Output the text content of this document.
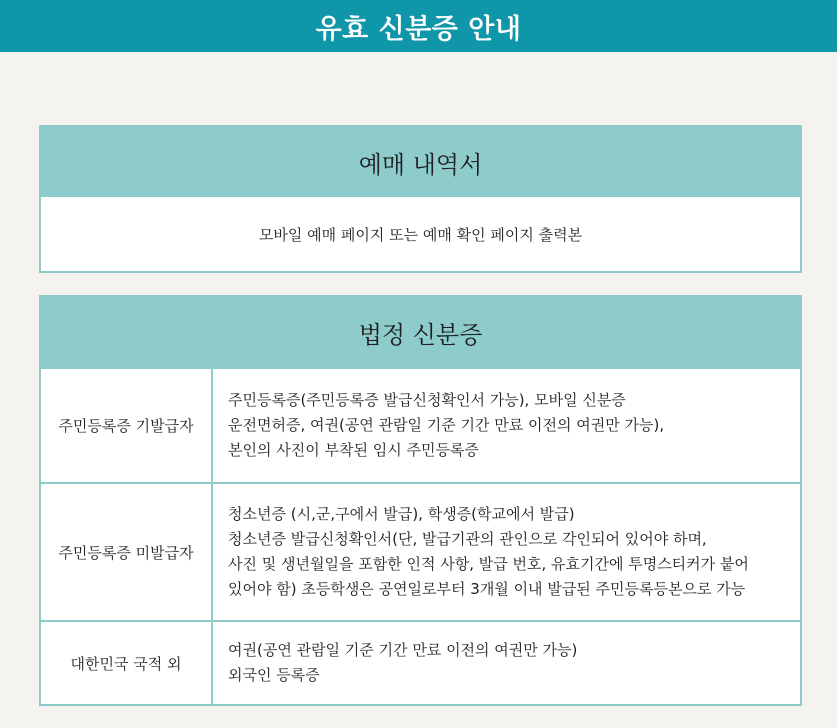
유효 신분증 안내
예매 내역서
모바일 예매 페이지 또는 예매 확인 페이지 출력본
법정 신분증
주민등록증 기발급자
주민등록증(주민등록증 발급신청확인서 가능), 모바일 신분증
운전면허증, 여권(공연 관람일 기준 기간 만료 이전의 여권만 가능),
본인의 사진이 부착된 임시 주민등록증
주민등록증 미발급자
청소년증 (시,군,구에서 발급), 학생증(학교에서 발급)
청소년증 발급신청확인서(단, 발급기관의 관인으로 각인되어 있어야 하며,
사진 및 생년월일을 포함한 인적 사항, 발급 번호, 유효기간에 투명스티커가 붙어
있어야 함) 초등학생은 공연일로부터 3개월 이내 발급된 주민등록등본으로 가능
대한민국 국적 외
여권(공연 관람일 기준 기간 만료 이전의 여권만 가능)
외국인 등록증
